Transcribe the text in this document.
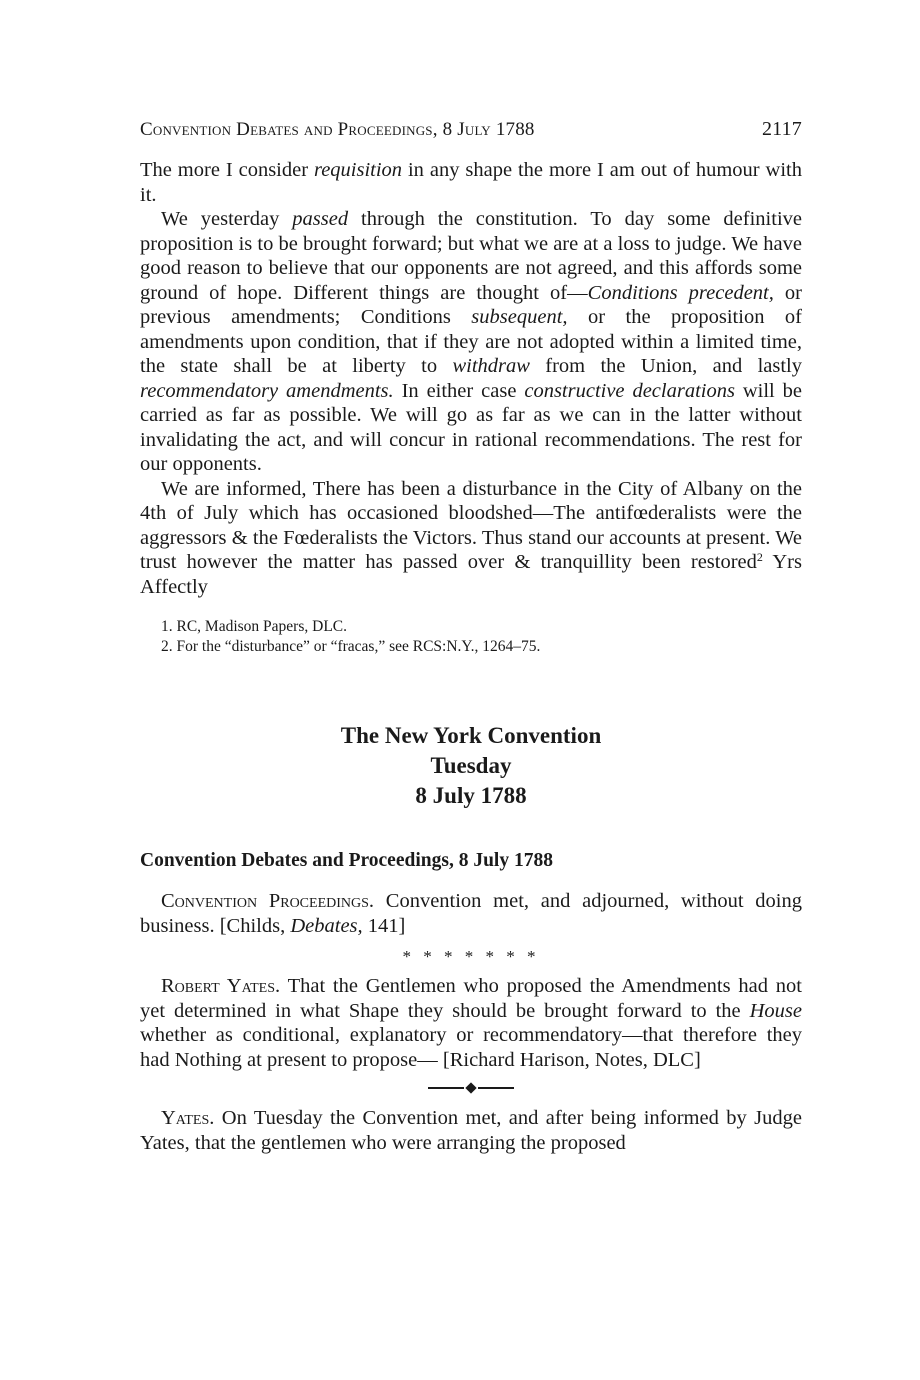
Convention Debates and Proceedings, 8 July 1788	2117

The more I consider requisition in any shape the more I am out of humour with it.

We yesterday passed through the constitution. To day some definitive proposition is to be brought forward; but what we are at a loss to judge. We have good reason to believe that our opponents are not agreed, and this affords some ground of hope. Different things are thought of—Conditions precedent, or previous amendments; Conditions subsequent, or the proposition of amendments upon condition, that if they are not adopted within a limited time, the state shall be at liberty to withdraw from the Union, and lastly recommendatory amendments. In either case constructive declarations will be carried as far as possible. We will go as far as we can in the latter without invalidating the act, and will concur in rational recommendations. The rest for our opponents.

We are informed, There has been a disturbance in the City of Albany on the 4th of July which has occasioned bloodshed—The antifœderalists were the aggressors & the Fœderalists the Victors. Thus stand our accounts at present. We trust however the matter has passed over & tranquillity been restored$^2$ Yrs Affectly

1. RC, Madison Papers, DLC.
2. For the “disturbance” or “fracas,” see RCS:N.Y., 1264–75.
The New York Convention
Tuesday
8 July 1788
Convention Debates and Proceedings, 8 July 1788

Convention Proceedings. Convention met, and adjourned, without doing business. [Childs, Debates, 141]

* * * * * * *

Robert Yates. That the Gentlemen who proposed the Amendments had not yet determined in what Shape they should be brought forward to the House whether as conditional, explanatory or recommendatory—that therefore they had Nothing at present to propose— [Richard Harison, Notes, DLC]

Yates. On Tuesday the Convention met, and after being informed by Judge Yates, that the gentlemen who were arranging the proposed
